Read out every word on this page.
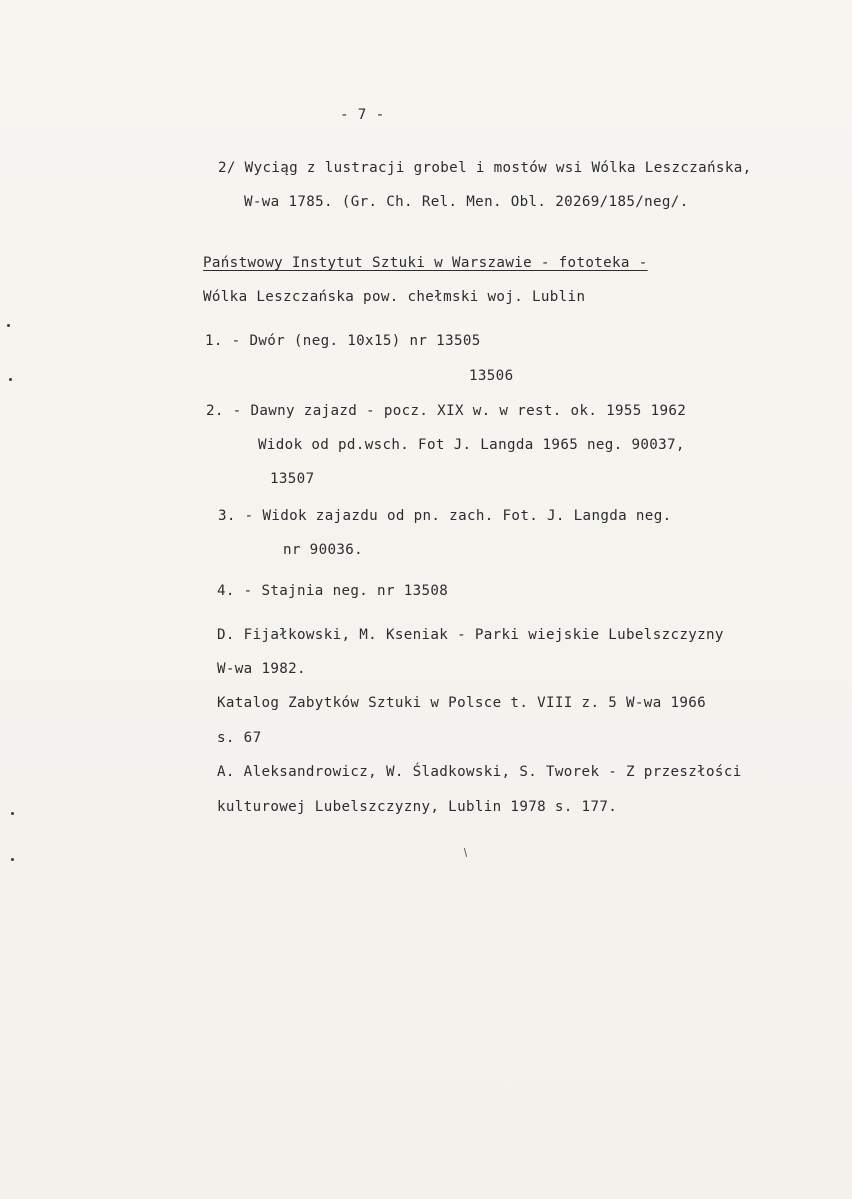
- 7 -
2/ Wyciąg z lustracji grobel i mostów wsi Wólka Leszczańska,
W-wa 1785. (Gr. Ch. Rel. Men. Obl. 20269/185/neg/.
Państwowy Instytut Sztuki w Warszawie - fototeka -
Wólka Leszczańska pow. chełmski woj. Lublin
1. - Dwór (neg. 10x15) nr 13505
13506
2. - Dawny zajazd - pocz. XIX w. w rest. ok. 1955 1962
Widok od pd.wsch. Fot J. Langda 1965 neg. 90037,
13507
3. - Widok zajazdu od pn. zach. Fot. J. Langda neg.
nr 90036.
4. - Stajnia neg. nr 13508
D. Fijałkowski, M. Kseniak - Parki wiejskie Lubelszczyzny
W-wa 1982.
Katalog Zabytków Sztuki w Polsce t. VIII z. 5 W-wa 1966
s. 67
A. Aleksandrowicz, W. Śladkowski, S. Tworek - Z przeszłości
kulturowej Lubelszczyzny, Lublin 1978 s. 177.
